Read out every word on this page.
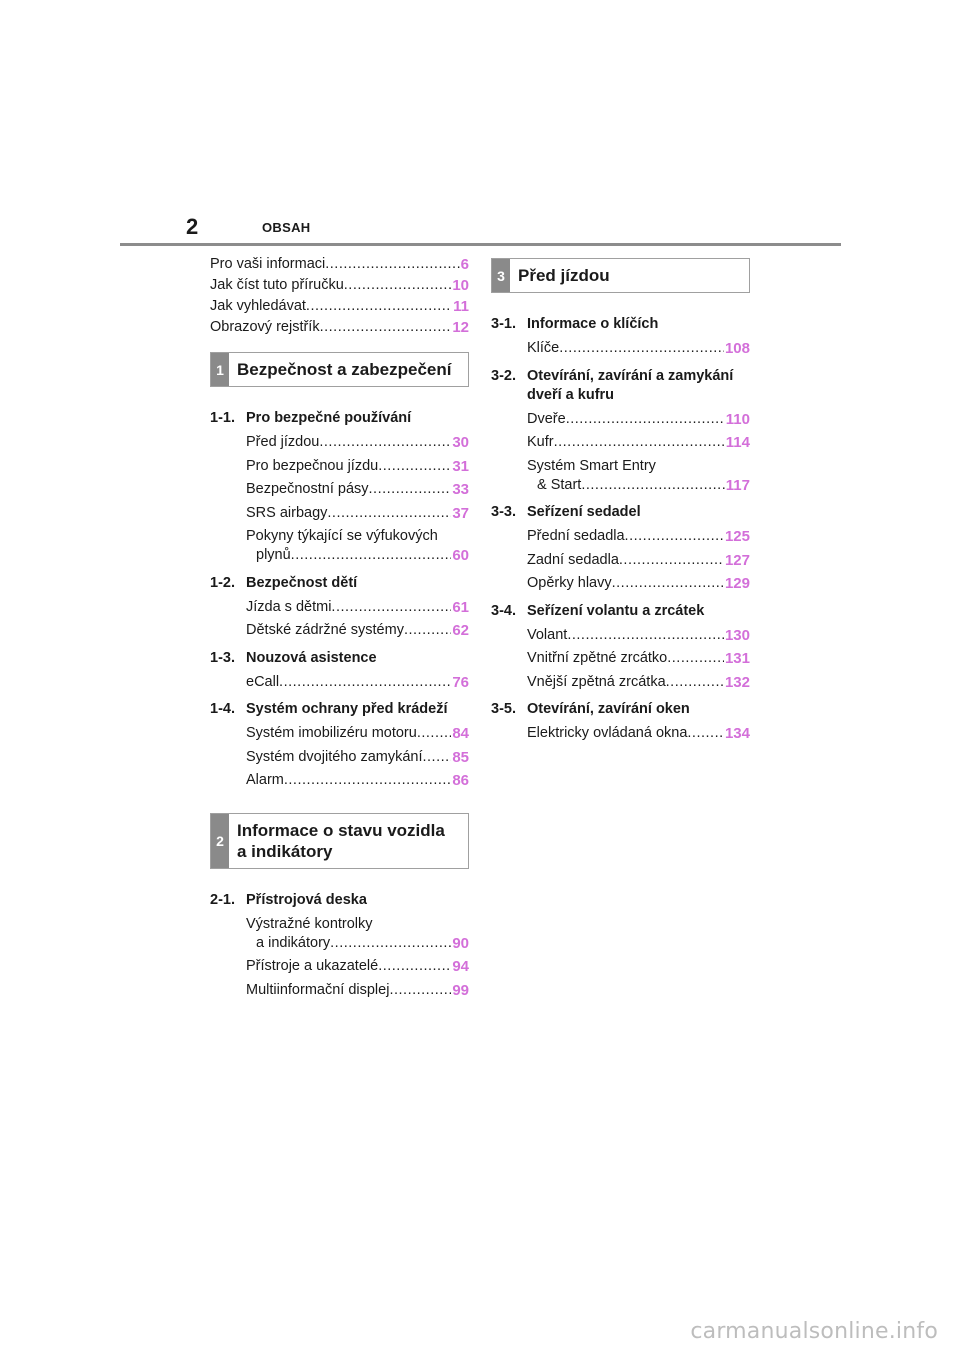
2	OBSAH
Pro vaši informaci .....	6
Jak číst tuto příručku .....	10
Jak vyhledávat .....	11
Obrazový rejstřík .....	12
1 Bezpečnost a zabezpečení
1-1. Pro bezpečné používání
Před jízdou .....	30
Pro bezpečnou jízdu .....	31
Bezpečnostní pásy .....	33
SRS airbagy .....	37
Pokyny týkající se výfukových
plynů .....	60
1-2. Bezpečnost dětí
Jízda s dětmi .....	61
Dětské zádržné systémy .....	62
1-3. Nouzová asistence
eCall .....	76
1-4. Systém ochrany před krádeží
Systém imobilizéru motoru ..... 84
Systém dvojitého zamykání ..... 85
Alarm .....	86
2
Informace o stavu vozidla
a indikátory
2-1. Přístrojová deska
Výstražné kontrolky
a indikátory .....	90
Přístroje a ukazatelé .....	94
Multiinformační displej .....	99
3 Před jízdou
3-1. Informace o klíčích
Klíče .....	108
3-2. Otevírání, zavírání a zamykání
dveří a kufru
Dveře .....	110
Kufr .....	114
Systém Smart Entry
& Start .....	117
3-3. Seřízení sedadel
Přední sedadla .....	125
Zadní sedadla .....	127
Opěrky hlavy .....	129
3-4. Seřízení volantu a zrcátek
Volant .....	130
Vnitřní zpětné zrcátko .....	131
Vnější zpětná zrcátka .....	132
3-5. Otevírání, zavírání oken
Elektricky ovládaná okna .....	134
carmanualsonline.info
